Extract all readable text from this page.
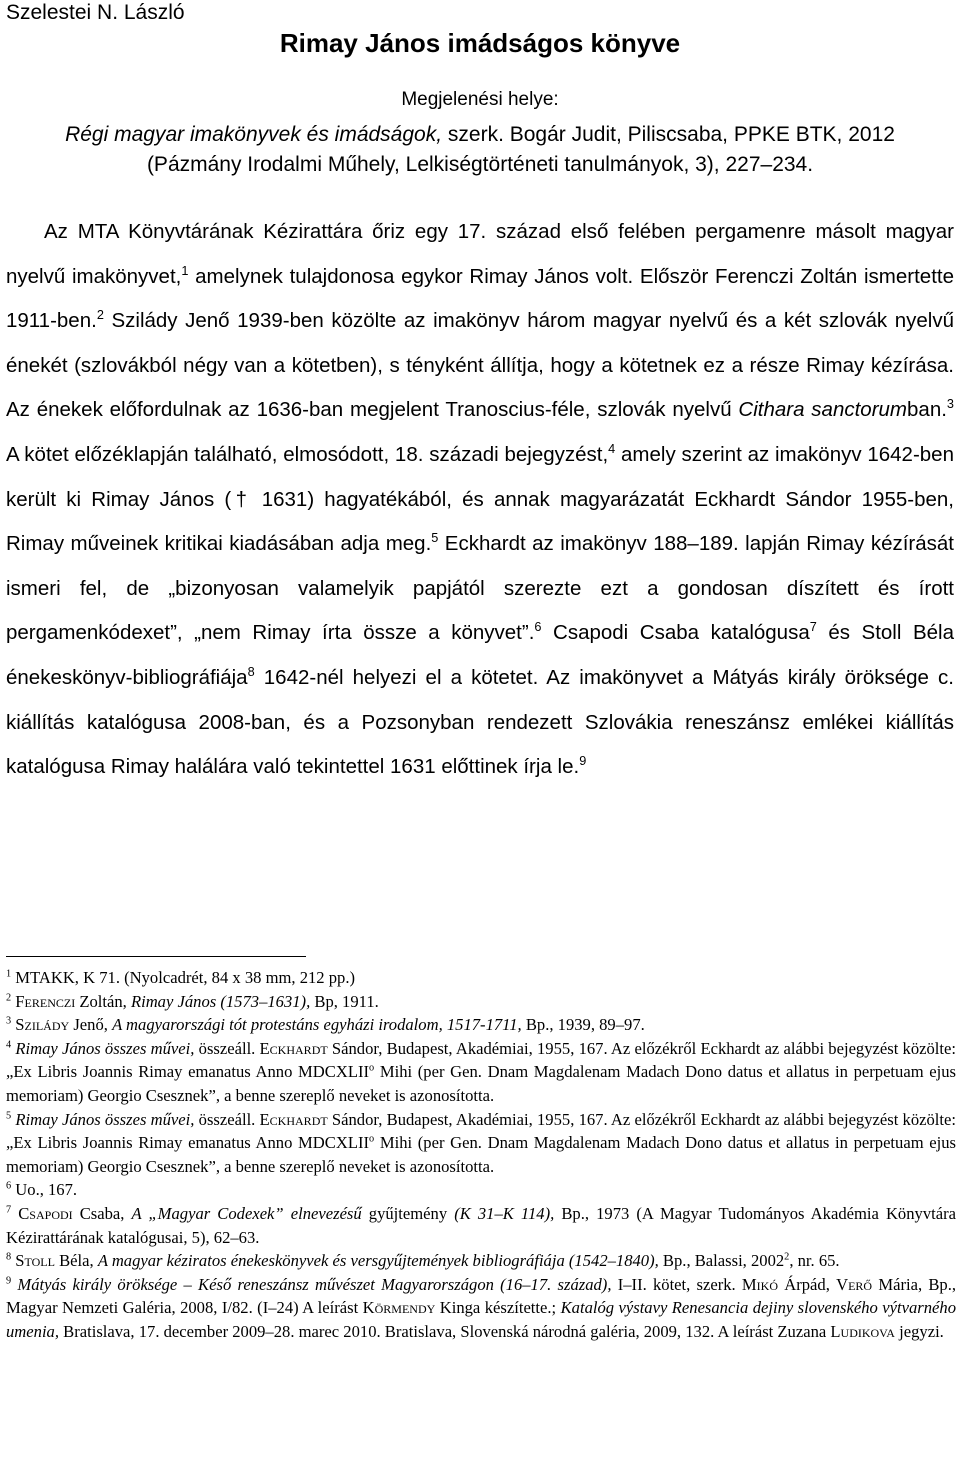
Szelestei N. László
Rimay János imádságos könyve
Megjelenési helye:
Régi magyar imakönyvek és imádságok, szerk. Bogár Judit, Piliscsaba, PPKE BTK, 2012
(Pázmány Irodalmi Műhely, Lelkiségtörténeti tanulmányok, 3), 227–234.

Az MTA Könyvtárának Kézirattára őriz egy 17. század első felében pergamenre másolt magyar nyelvű imakönyvet,$^1$ amelynek tulajdonosa egykor Rimay János volt. Először Ferenczi Zoltán ismertette 1911-ben.$^2$ Szilády Jenő 1939-ben közölte az imakönyv három magyar nyelvű és a két szlovák nyelvű énekét (szlovákból négy van a kötetben), s tényként állítja, hogy a kötetnek ez a része Rimay kézírása. Az énekek előfordulnak az 1636-ban megjelent Tranoscius-féle, szlovák nyelvű Cithara sanctorumban.$^3$ A kötet előzéklapján található, elmosódott, 18. századi bejegyzést,$^4$ amely szerint az imakönyv 1642-ben került ki Rimay János († 1631) hagyatékából, és annak magyarázatát Eckhardt Sándor 1955-ben, Rimay műveinek kritikai kiadásában adja meg.$^5$ Eckhardt az imakönyv 188–189. lapján Rimay kézírását ismeri fel, de „bizonyosan valamelyik papjától szerezte ezt a gondosan díszített és írott pergamenkódexet”, „nem Rimay írta össze a könyvet”.$^6$ Csapodi Csaba katalógusa$^7$ és Stoll Béla énekeskönyv-bibliográfiája$^8$ 1642-nél helyezi el a kötetet. Az imakönyvet a Mátyás király öröksége c. kiállítás katalógusa 2008-ban, és a Pozsonyban rendezett Szlovákia reneszánsz emlékei kiállítás katalógusa Rimay halálára való tekintettel 1631 előttinek írja le.$^9$

$^1$ MTAKK, K 71. (Nyolcadrét, 84 x 38 mm, 212 pp.)
$^2$ Ferenczi Zoltán, Rimay János (1573–1631), Bp, 1911.
$^3$ Szilády Jenő, A magyarországi tót protestáns egyházi irodalom, 1517-1711, Bp., 1939, 89–97.
$^4$ Rimay János összes művei, összeáll. Eckhardt Sándor, Budapest, Akadémiai, 1955, 167. Az előzékről Eckhardt az alábbi bejegyzést közölte: „Ex Libris Joannis Rimay emanatus Anno MDCXLII$^o$ Mihi (per Gen. Dnam Magdalenam Madach Dono datus et allatus in perpetuam ejus memoriam) Georgio Csesznek”, a benne szereplő neveket is azonosította.
$^5$ Rimay János összes művei, összeáll. Eckhardt Sándor, Budapest, Akadémiai, 1955, 167. Az előzékről Eckhardt az alábbi bejegyzést közölte: „Ex Libris Joannis Rimay emanatus Anno MDCXLII$^o$ Mihi (per Gen. Dnam Magdalenam Madach Dono datus et allatus in perpetuam ejus memoriam) Georgio Csesznek”, a benne szereplő neveket is azonosította.
$^6$ Uo., 167.
$^7$ Csapodi Csaba, A „Magyar Codexek” elnevezésű gyűjtemény (K 31–K 114), Bp., 1973 (A Magyar Tudományos Akadémia Könyvtára Kézirattárának katalógusai, 5), 62–63.
$^8$ Stoll Béla, A magyar kéziratos énekeskönyvek és versgyűjtemények bibliográfiája (1542–1840), Bp., Balassi, 2002$^2$, nr. 65.
$^9$ Mátyás király öröksége – Késő reneszánsz művészet Magyarországon (16–17. század), I–II. kötet, szerk. Mikó Árpád, Verő Mária, Bp., Magyar Nemzeti Galéria, 2008, I/82. (I–24) A leírást Körmendy Kinga készítette.; Katalóg výstavy Renesancia dejiny slovenského výtvarného umenia, Bratislava, 17. december 2009–28. marec 2010. Bratislava, Slovenská národná galéria, 2009, 132. A leírást Zuzana Ludikova jegyzi.
